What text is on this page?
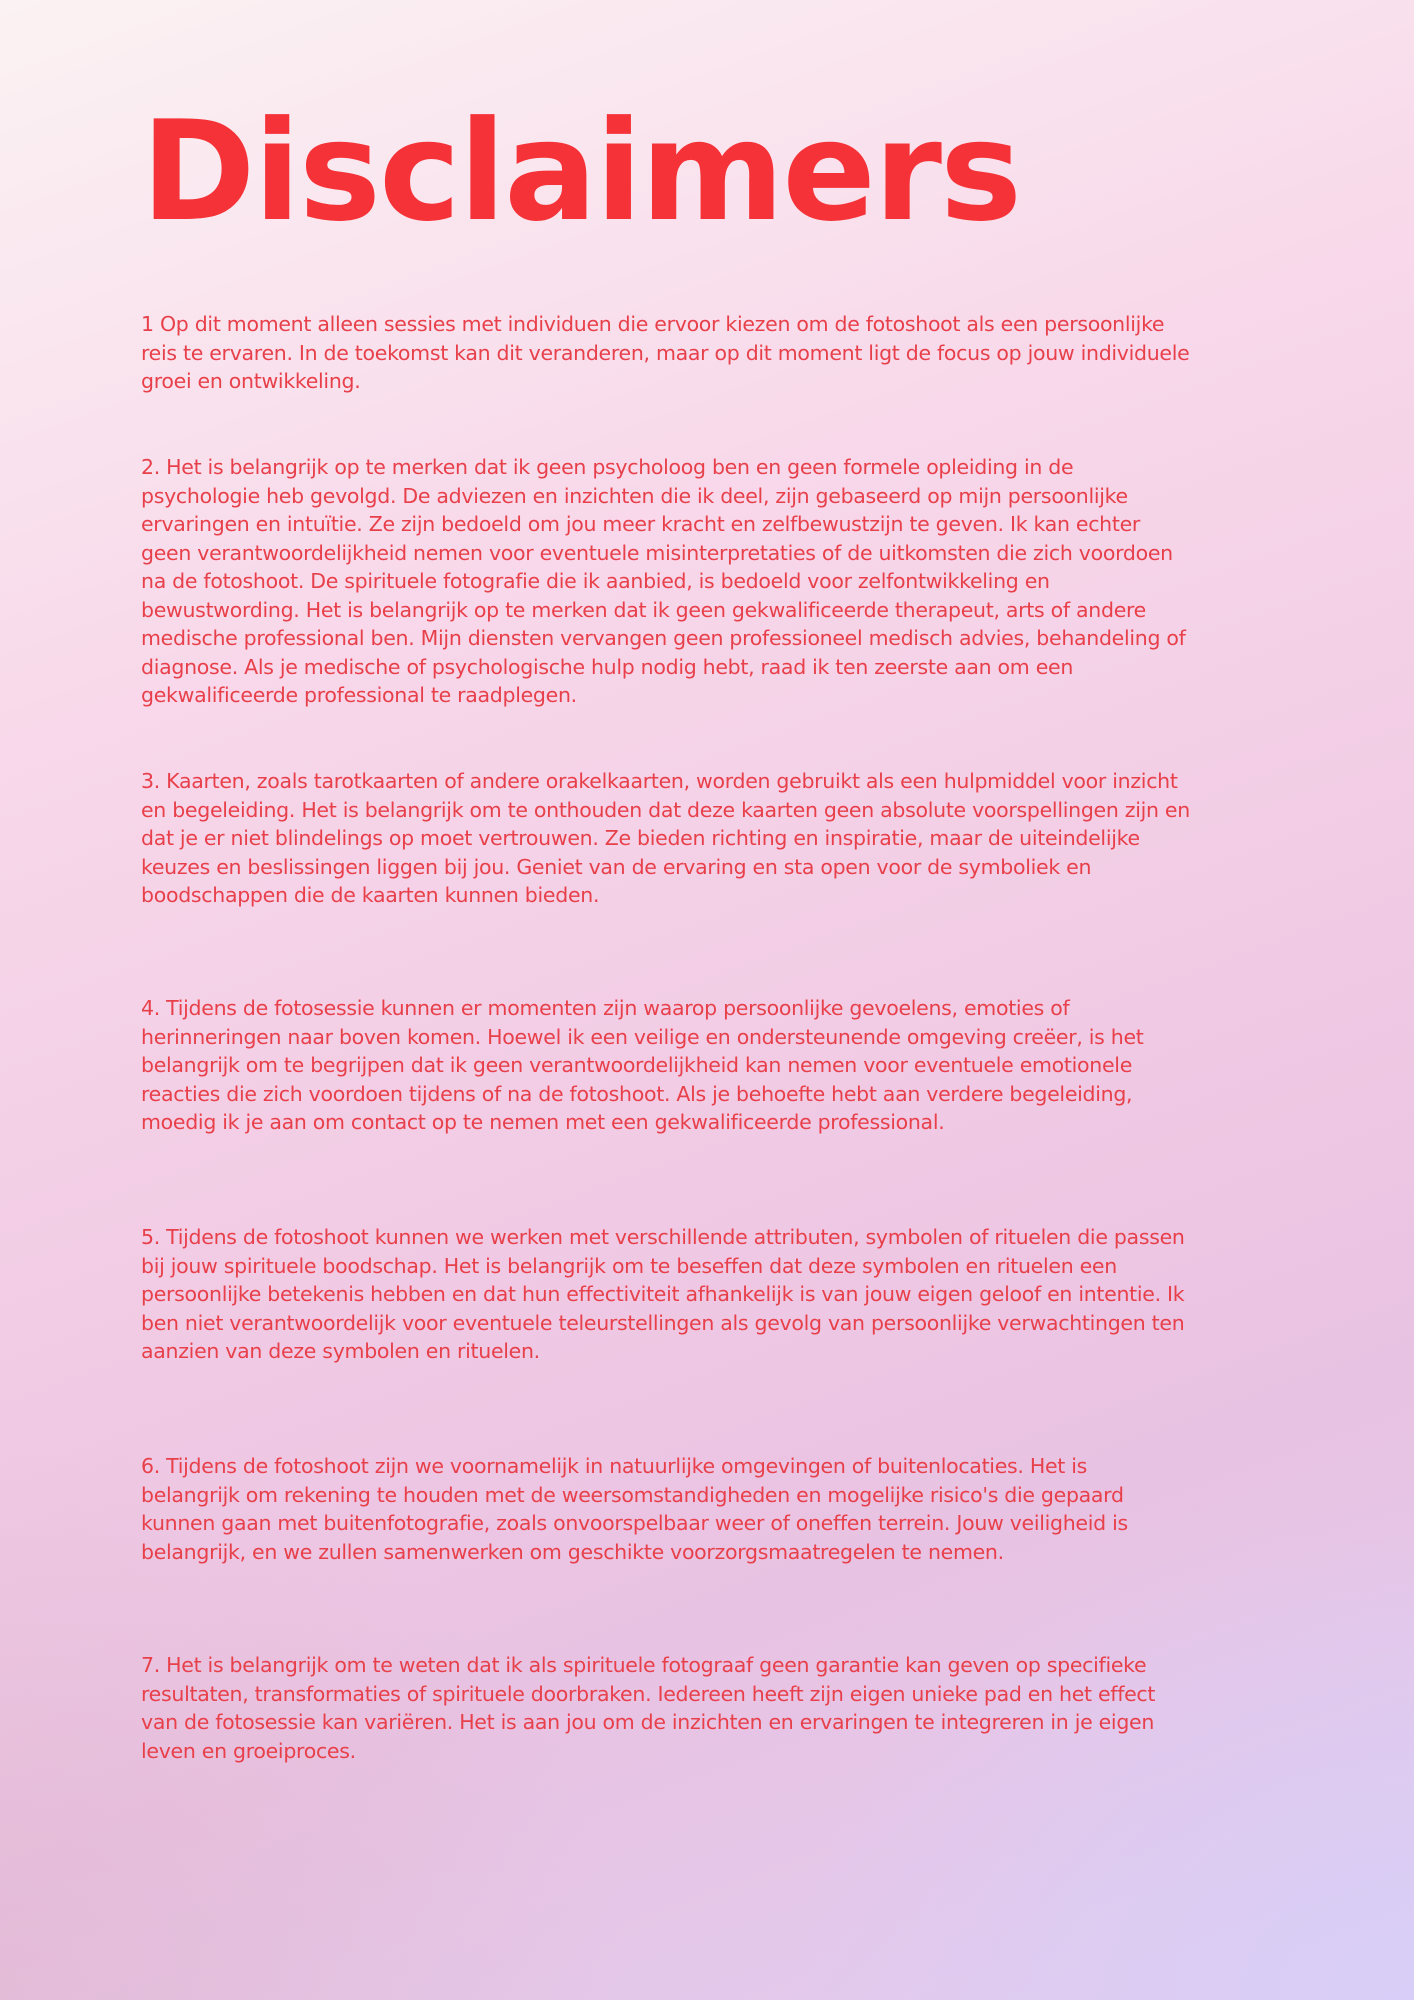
Disclaimers

1 Op dit moment alleen sessies met individuen die ervoor kiezen om de fotoshoot als een persoonlijke reis te ervaren. In de toekomst kan dit veranderen, maar op dit moment ligt de focus op jouw individuele groei en ontwikkeling.

2. Het is belangrijk op te merken dat ik geen psycholoog ben en geen formele opleiding in de psychologie heb gevolgd. De adviezen en inzichten die ik deel, zijn gebaseerd op mijn persoonlijke ervaringen en intuïtie. Ze zijn bedoeld om jou meer kracht en zelfbewustzijn te geven. Ik kan echter geen verantwoordelijkheid nemen voor eventuele misinterpretaties of de uitkomsten die zich voordoen na de fotoshoot. De spirituele fotografie die ik aanbied, is bedoeld voor zelfontwikkeling en bewustwording. Het is belangrijk op te merken dat ik geen gekwalificeerde therapeut, arts of andere medische professional ben. Mijn diensten vervangen geen professioneel medisch advies, behandeling of diagnose. Als je medische of psychologische hulp nodig hebt, raad ik ten zeerste aan om een gekwalificeerde professional te raadplegen.

3. Kaarten, zoals tarotkaarten of andere orakelkaarten, worden gebruikt als een hulpmiddel voor inzicht en begeleiding. Het is belangrijk om te onthouden dat deze kaarten geen absolute voorspellingen zijn en dat je er niet blindelings op moet vertrouwen. Ze bieden richting en inspiratie, maar de uiteindelijke keuzes en beslissingen liggen bij jou. Geniet van de ervaring en sta open voor de symboliek en boodschappen die de kaarten kunnen bieden.

4. Tijdens de fotosessie kunnen er momenten zijn waarop persoonlijke gevoelens, emoties of herinneringen naar boven komen. Hoewel ik een veilige en ondersteunende omgeving creëer, is het belangrijk om te begrijpen dat ik geen verantwoordelijkheid kan nemen voor eventuele emotionele reacties die zich voordoen tijdens of na de fotoshoot. Als je behoefte hebt aan verdere begeleiding, moedig ik je aan om contact op te nemen met een gekwalificeerde professional.

5. Tijdens de fotoshoot kunnen we werken met verschillende attributen, symbolen of rituelen die passen bij jouw spirituele boodschap. Het is belangrijk om te beseffen dat deze symbolen en rituelen een persoonlijke betekenis hebben en dat hun effectiviteit afhankelijk is van jouw eigen geloof en intentie. Ik ben niet verantwoordelijk voor eventuele teleurstellingen als gevolg van persoonlijke verwachtingen ten aanzien van deze symbolen en rituelen.

6. Tijdens de fotoshoot zijn we voornamelijk in natuurlijke omgevingen of buitenlocaties. Het is belangrijk om rekening te houden met de weersomstandigheden en mogelijke risico's die gepaard kunnen gaan met buitenfotografie, zoals onvoorspelbaar weer of oneffen terrein. Jouw veiligheid is belangrijk, en we zullen samenwerken om geschikte voorzorgsmaatregelen te nemen.

7. Het is belangrijk om te weten dat ik als spirituele fotograaf geen garantie kan geven op specifieke resultaten, transformaties of spirituele doorbraken. Iedereen heeft zijn eigen unieke pad en het effect van de fotosessie kan variëren. Het is aan jou om de inzichten en ervaringen te integreren in je eigen leven en groeiproces.
